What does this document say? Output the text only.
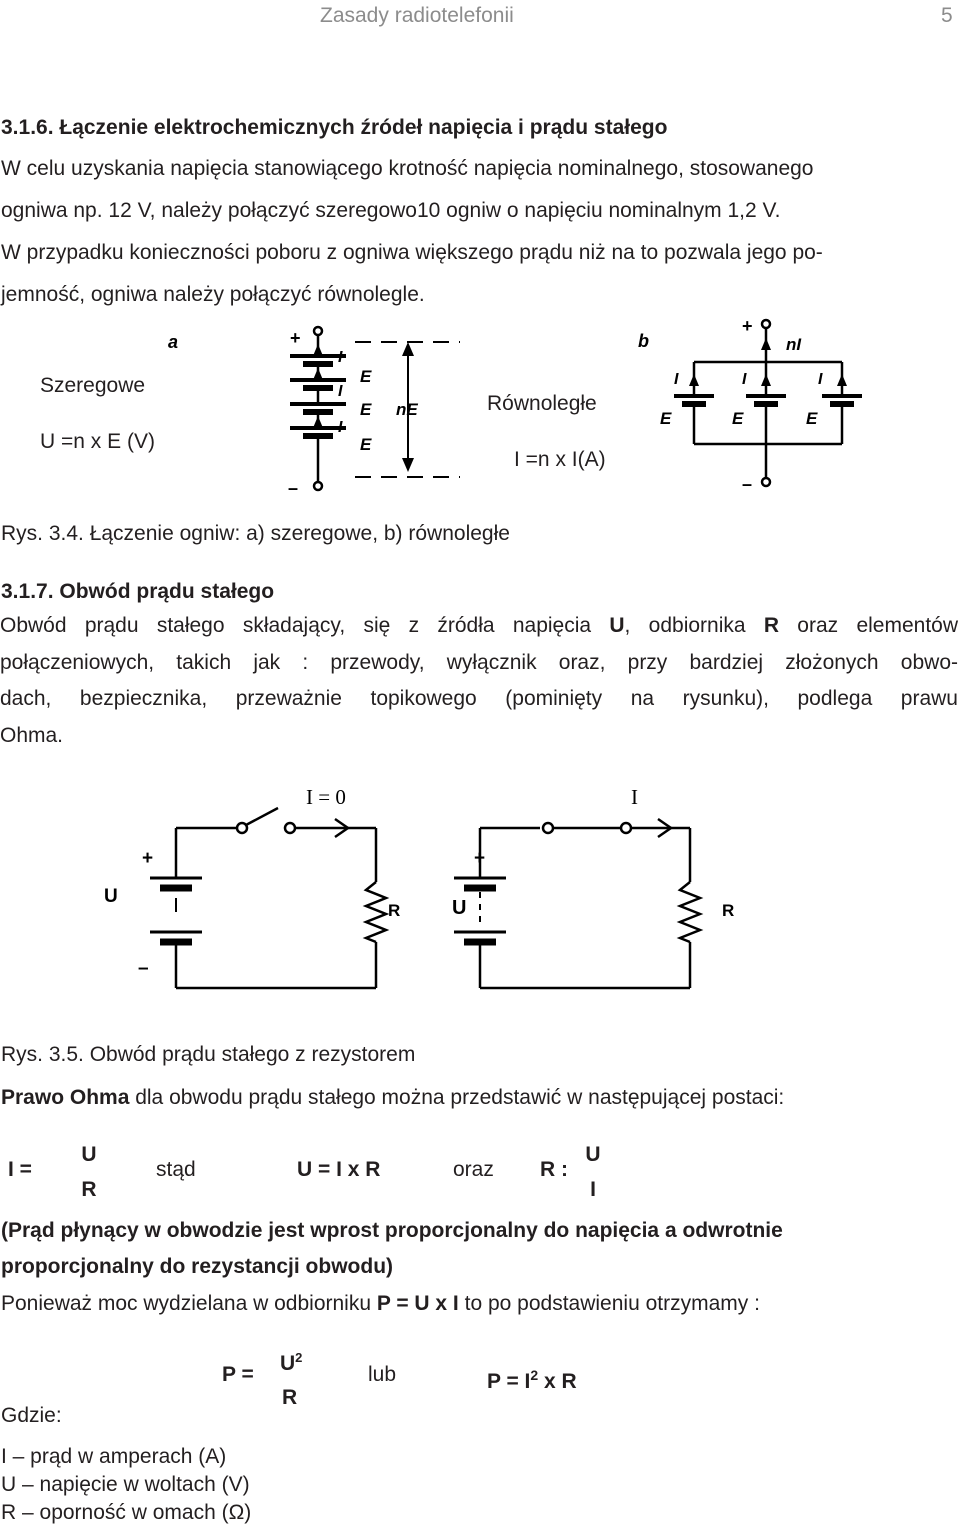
Zasady radiotelefonii	5
3.1.6. Łączenie elektrochemicznych źródeł napięcia i prądu stałego
W celu uzyskania napięcia stanowiącego krotność napięcia nominalnego, stosowanego
ogniwa np. 12 V, należy połączyć szeregowo10 ogniw o napięciu nominalnym 1,2 V.
W przypadku konieczności poboru z ogniwa większego prądu niż na to pozwala jego po-
jemność, ogniwa należy połączyć równolegle.
Szeregowe
U =n x E (V)
Równoległe
I =n x I(A)
a	+
–
I
I
I
E
E
E
nE
b
+
–
nI
I	I	I
E	E	E
Rys. 3.4. Łączenie ogniw: a) szeregowe, b) równoległe
3.1.7. Obwód prądu stałego
Obwód prądu stałego składający, się z źródła napięcia U, odbiornika R oraz elementów
połączeniowych, takich jak : przewody, wyłącznik oraz, przy bardziej złożonych obwo-
dach, bezpiecznika, przeważnie topikowego (pominięty na rysunku), podlega prawu
Ohma.
I = 0	I
+
–
U
R
+
U	R
Rys. 3.5. Obwód prądu stałego z rezystorem
Prawo Ohma dla obwodu prądu stałego można przedstawić w następującej postaci:
I =
U
R
stąd	U = I x R	oraz R :
U
I
(Prąd płynący w obwodzie jest wprost proporcjonalny do napięcia a odwrotnie
proporcjonalny do rezystancji obwodu)
Ponieważ moc wydzielana w odbiorniku P = U x I to po podstawieniu otrzymamy :
$P = U^2$
R
lub	$P = I^2$ x R
Gdzie:
I – prąd w amperach (A)
U – napięcie w woltach (V)
R – oporność w omach (Ω)
